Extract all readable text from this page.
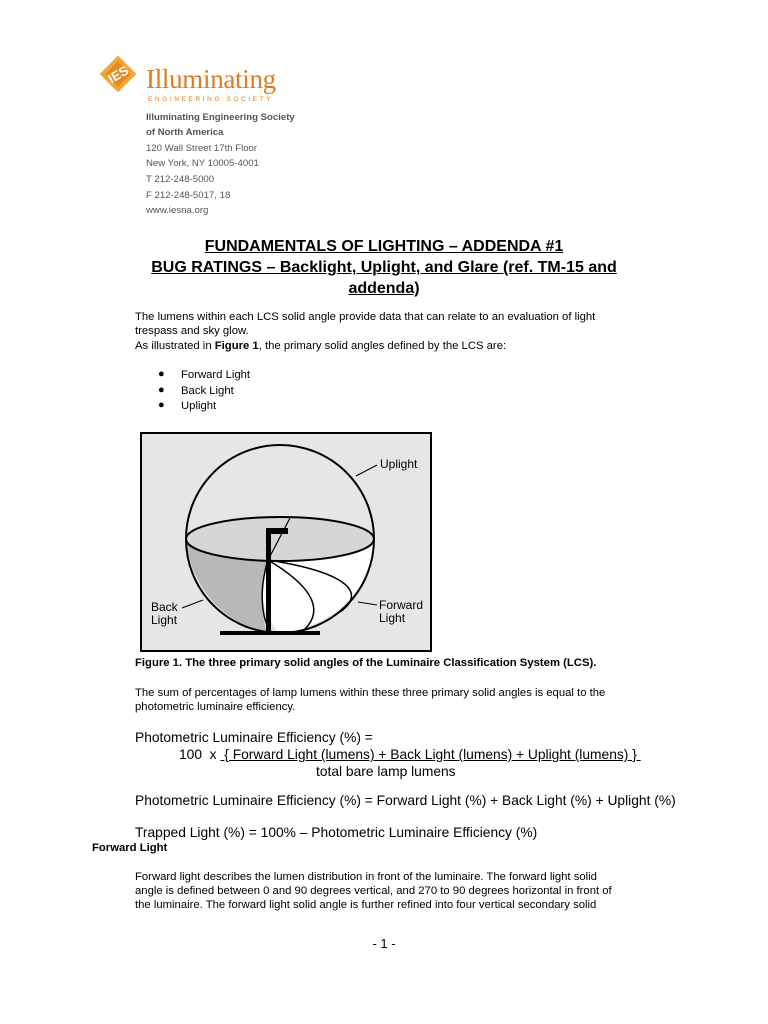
IES Illuminating
ENGINEERING SOCIETY
Illuminating Engineering Society
of North America
120 Wall Street 17th Floor
New York, NY 10005-4001
T 212-248-5000
F 212-248-5017, 18
www.iesna.org
FUNDAMENTALS OF LIGHTING – ADDENDA #1
BUG RATINGS – Backlight, Uplight, and Glare (ref. TM-15 and
addenda)
The lumens within each LCS solid angle provide data that can relate to an evaluation of light
trespass and sky glow.
As illustrated in Figure 1, the primary solid angles defined by the LCS are:
● Forward Light
● Back Light
● Uplight
Uplight
Back
Light
Forward
Light
Figure 1. The three primary solid angles of the Luminaire Classification System (LCS).
The sum of percentages of lamp lumens within these three primary solid angles is equal to the
photometric luminaire efficiency.
Photometric Luminaire Efficiency (%) =
100  x  { Forward Light (lumens) + Back Light (lumens) + Uplight (lumens) }
total bare lamp lumens
Photometric Luminaire Efficiency (%) = Forward Light (%) + Back Light (%) + Uplight (%)
Trapped Light (%) = 100% – Photometric Luminaire Efficiency (%)
Forward Light
Forward light describes the lumen distribution in front of the luminaire. The forward light solid
angle is defined between 0 and 90 degrees vertical, and 270 to 90 degrees horizontal in front of
the luminaire. The forward light solid angle is further refined into four vertical secondary solid
- 1 -
